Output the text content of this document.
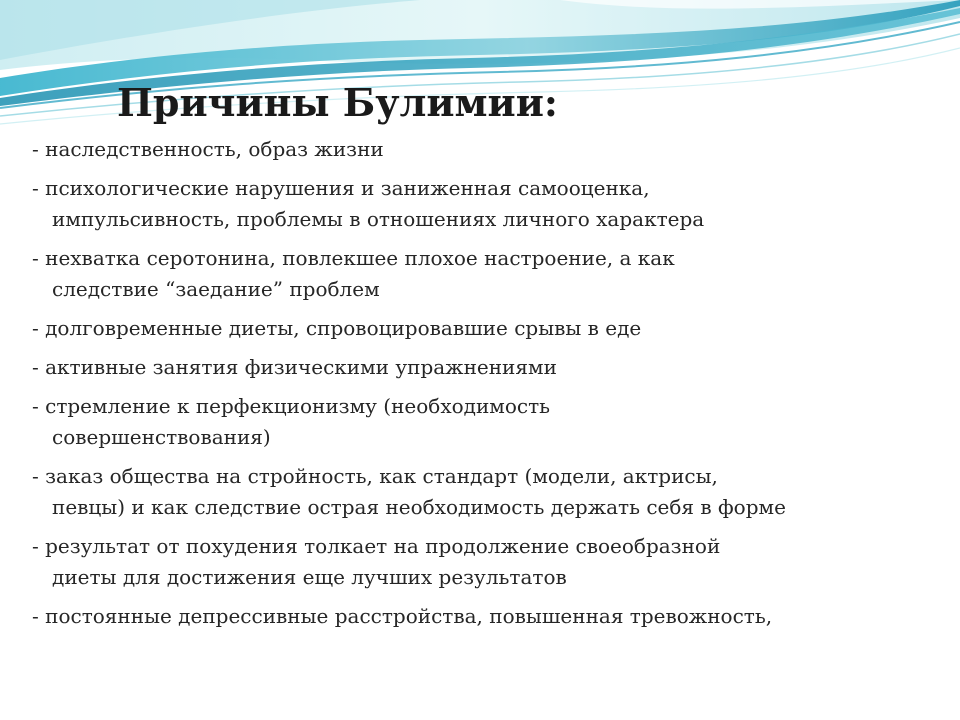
Причины Булимии:
- наследственность, образ жизни
- психологические нарушения и заниженная самооценка,
импульсивность, проблемы в отношениях личного характера
- нехватка серотонина, повлекшее плохое настроение, а как
следствие “заедание” проблем
- долговременные диеты, спровоцировавшие срывы в еде
- активные занятия физическими упражнениями
- стремление к перфекционизму (необходимость
совершенствования)
- заказ общества на стройность, как стандарт (модели, актрисы,
певцы) и как следствие острая необходимость держать себя в форме
- результат от похудения толкает на продолжение своеобразной
диеты для достижения еще лучших результатов
- постоянные депрессивные расстройства, повышенная тревожность,
